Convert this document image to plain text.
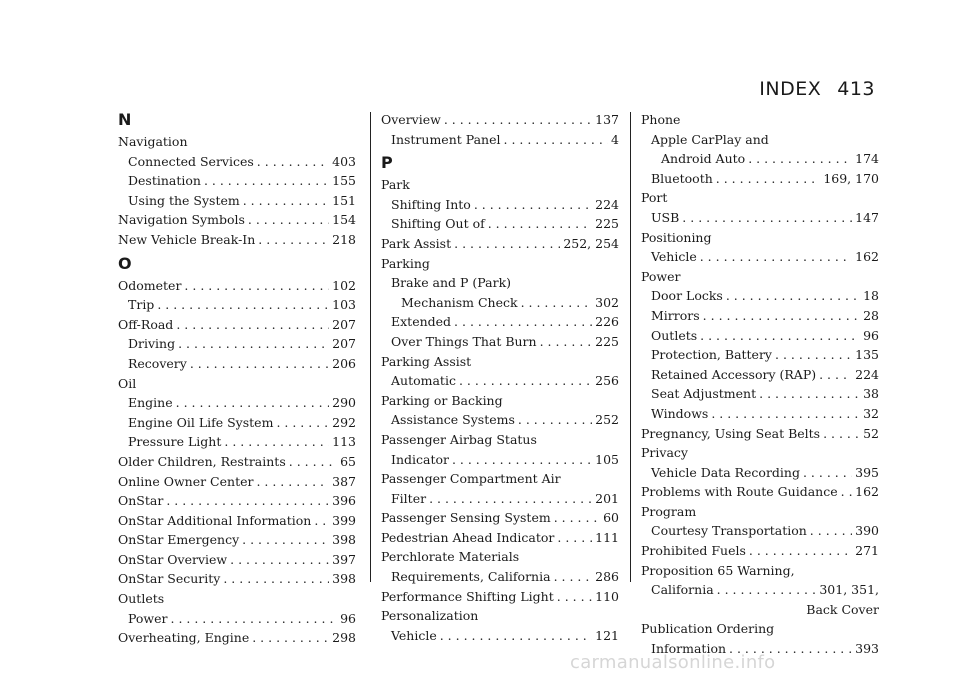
INDEX 413
N
Navigation
Connected Services . . .	403
Destination . . .	155
Using the System . . .	151
Navigation Symbols . . .	154
New Vehicle Break-In . . .	218
O
Odometer . . .	102
Trip . . .	103
Off-Road . . .	207
Driving . . .	207
Recovery . . .	206
Oil
Engine . . .	290
Engine Oil Life System . . .	292
Pressure Light . . .	113
Older Children, Restraints . . .	65
Online Owner Center . . .	387
OnStar . . .	396
OnStar Additional Information . . . 399
OnStar Emergency . . .	398
OnStar Overview . . .	397
OnStar Security . . .	398
Outlets
Power . . .	96
Overheating, Engine . . .	298
Overview . . .	137
Instrument Panel . . .	4
P
Park
Shifting Into . . .	224
Shifting Out of . . .	225
Park Assist . . .	252, 254
Parking
Brake and P (Park)
Mechanism Check . . .	302
Extended . . .	226
Over Things That Burn . . .	225
Parking Assist
Automatic . . .	256
Parking or Backing
Assistance Systems . . .	252
Passenger Airbag Status
Indicator . . .	105
Passenger Compartment Air
Filter . . .	201
Passenger Sensing System . . .	60
Pedestrian Ahead Indicator . . .	111
Perchlorate Materials
Requirements, California . . .	286
Performance Shifting Light . . .	110
Personalization
Vehicle . . .	121
Phone
Apple CarPlay and
Android Auto . . .	174
Bluetooth . . .	169, 170
Port
USB . . .	147
Positioning
Vehicle . . .	162
Power
Door Locks . . .	18
Mirrors . . .	28
Outlets . . .	96
Protection, Battery . . .	135
Retained Accessory (RAP) . . .	224
Seat Adjustment . . .	38
Windows . . .	32
Pregnancy, Using Seat Belts . . .	52
Privacy
Vehicle Data Recording . . .	395
Problems with Route Guidance . . . 162
Program
Courtesy Transportation . . .	390
Prohibited Fuels . . .	271
Proposition 65 Warning,
California . . .	301, 351,
Back Cover
Publication Ordering
Information . . .	393
carmanualsonline.info
